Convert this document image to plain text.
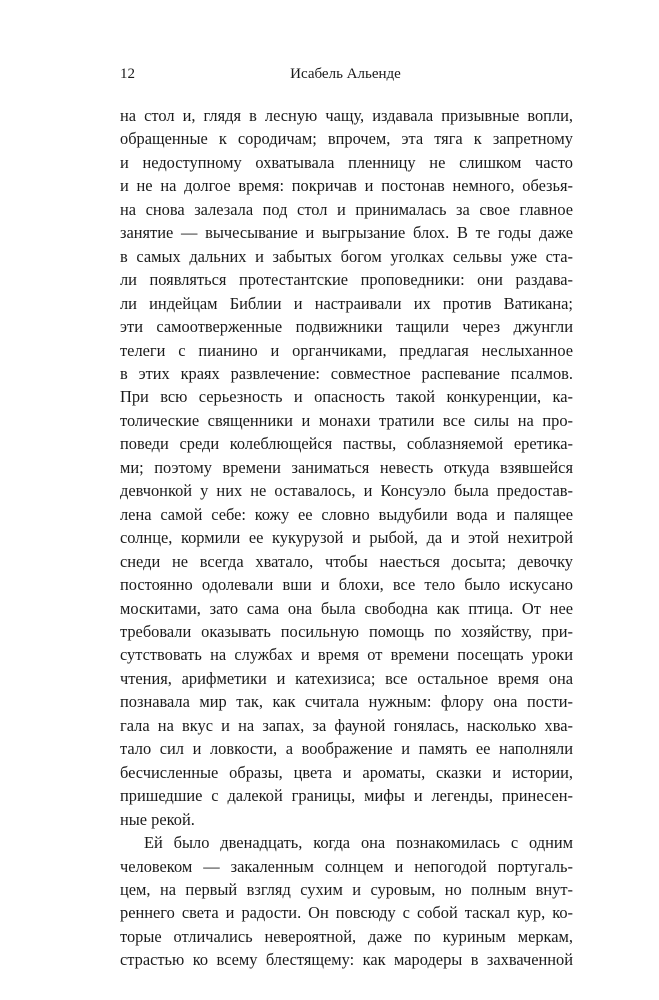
12	Исабель Альенде
на стол и, глядя в лесную чащу, издавала призывные вопли,
обращенные к сородичам; впрочем, эта тяга к запретному
и недоступному охватывала пленницу не слишком часто
и не на долгое время: покричав и постонав немного, обезья-
на снова залезала под стол и принималась за свое главное
занятие — вычесывание и выгрызание блох. В те годы даже
в самых дальних и забытых богом уголках сельвы уже ста-
ли появляться протестантские проповедники: они раздава-
ли индейцам Библии и настраивали их против Ватикана;
эти самоотверженные подвижники тащили через джунгли
телеги с пианино и органчиками, предлагая неслыханное
в этих краях развлечение: совместное распевание псалмов.
При всю серьезность и опасность такой конкуренции, ка-
толические священники и монахи тратили все силы на про-
поведи среди колеблющейся паствы, соблазняемой еретика-
ми; поэтому времени заниматься невесть откуда взявшейся
девчонкой у них не оставалось, и Консуэло была предостав-
лена самой себе: кожу ее словно выдубили вода и палящее
солнце, кормили ее кукурузой и рыбой, да и этой нехитрой
снеди не всегда хватало, чтобы наесться досыта; девочку
постоянно одолевали вши и блохи, все тело было искусано
москитами, зато сама она была свободна как птица. От нее
требовали оказывать посильную помощь по хозяйству, при-
сутствовать на службах и время от времени посещать уроки
чтения, арифметики и катехизиса; все остальное время она
познавала мир так, как считала нужным: флору она пости-
гала на вкус и на запах, за фауной гонялась, насколько хва-
тало сил и ловкости, а воображение и память ее наполняли
бесчисленные образы, цвета и ароматы, сказки и истории,
пришедшие с далекой границы, мифы и легенды, принесен-
ные рекой.
Ей было двенадцать, когда она познакомилась с одним
человеком — закаленным солнцем и непогодой португаль-
цем, на первый взгляд сухим и суровым, но полным внут-
реннего света и радости. Он повсюду с собой таскал кур, ко-
торые отличались невероятной, даже по куриным меркам,
страстью ко всему блестящему: как мародеры в захваченной
